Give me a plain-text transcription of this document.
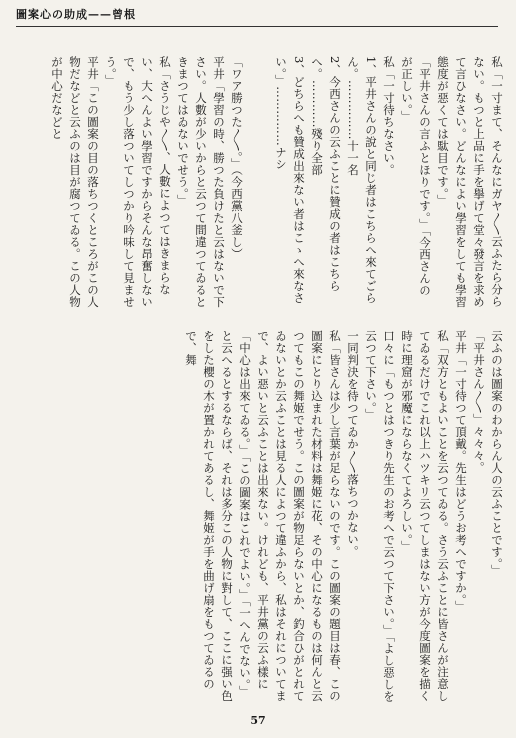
圖案心の助成——曾根

私「一寸まて、そんなにガヤ〳〵云ふたら分らない。もつと上品に手を擧げて堂々發言を求めて言ひなさい。どんなによい學習をしても學習態度が惡くては駄目です。」

「平井さんの言ふとほりです。」「今西さんのが正しい。」

私「一寸待ちなさい。

1、平井さんの說と同じ者はこちらへ來てごらん。……………十一名

2、今西さんの云ふことに贊成の者はこちらへ。…………殘り全部

3、どちらへも贊成出來ない者はこゝへ來なさい。」……………ナシ

「ワア勝つた〳〵。」（今西黨八釜し）

平井「學習の時、勝つた負けたと云はないで下さい。人數が少いからと云つて間違つてゐるときまつてはゐないでせう。」

私「さうじや〳〵、人數によつてはきまらない、大へんよい學習ですからそんな昂奮しないで、もう少し落ついてしつかり吟味して見ませう。」

平井「この圖案の目の落ちつくところがこの人物だなどと云ふのは目が腐つてゐる。この人物が中心だなどと

云ふのは圖案のわからん人の云ふことです。」

「平井さん〳〵」々々々。

平井「一寸待つて頂戴。先生はどうお考へですか。」

私「双方ともよいことを云つてゐる。さう云ふことに皆さんが注意してゐるだけでこれ以上ハツキリ云つてしまはない方が今度圖案を描く時に理窟が邪魔にならなくてよろしい。」

口々に「もつとはつきり先生のお考へで云つて下さい。」「よし惡しを云つて下さい。」

一同判決を待つてゐか〳〵落ちつかない。

私「皆さんは少し言葉が足らないのです。この圖案の題目は春、この圖案にとり込まれた材料は舞姬に花、その中心になるものは何んと云つてもこの舞姬でせう。この圖案が物足らないとか、釣合ひがとれてゐないとか云ふことは見る人によつて違ふから、私はそれについてまで、よい惡いと云ふことは出來ない。けれども、平井黨の云ふ樣に「中心は出來てゐる。」「この圖案はこれでよい。」「一へんでない。」と云へるとするならば、それは多分この人物に對して、ここに强い色をした櫻の木が置かれてあるし、舞姬が手を曲げ扇をもつてゐるので、舞

57
